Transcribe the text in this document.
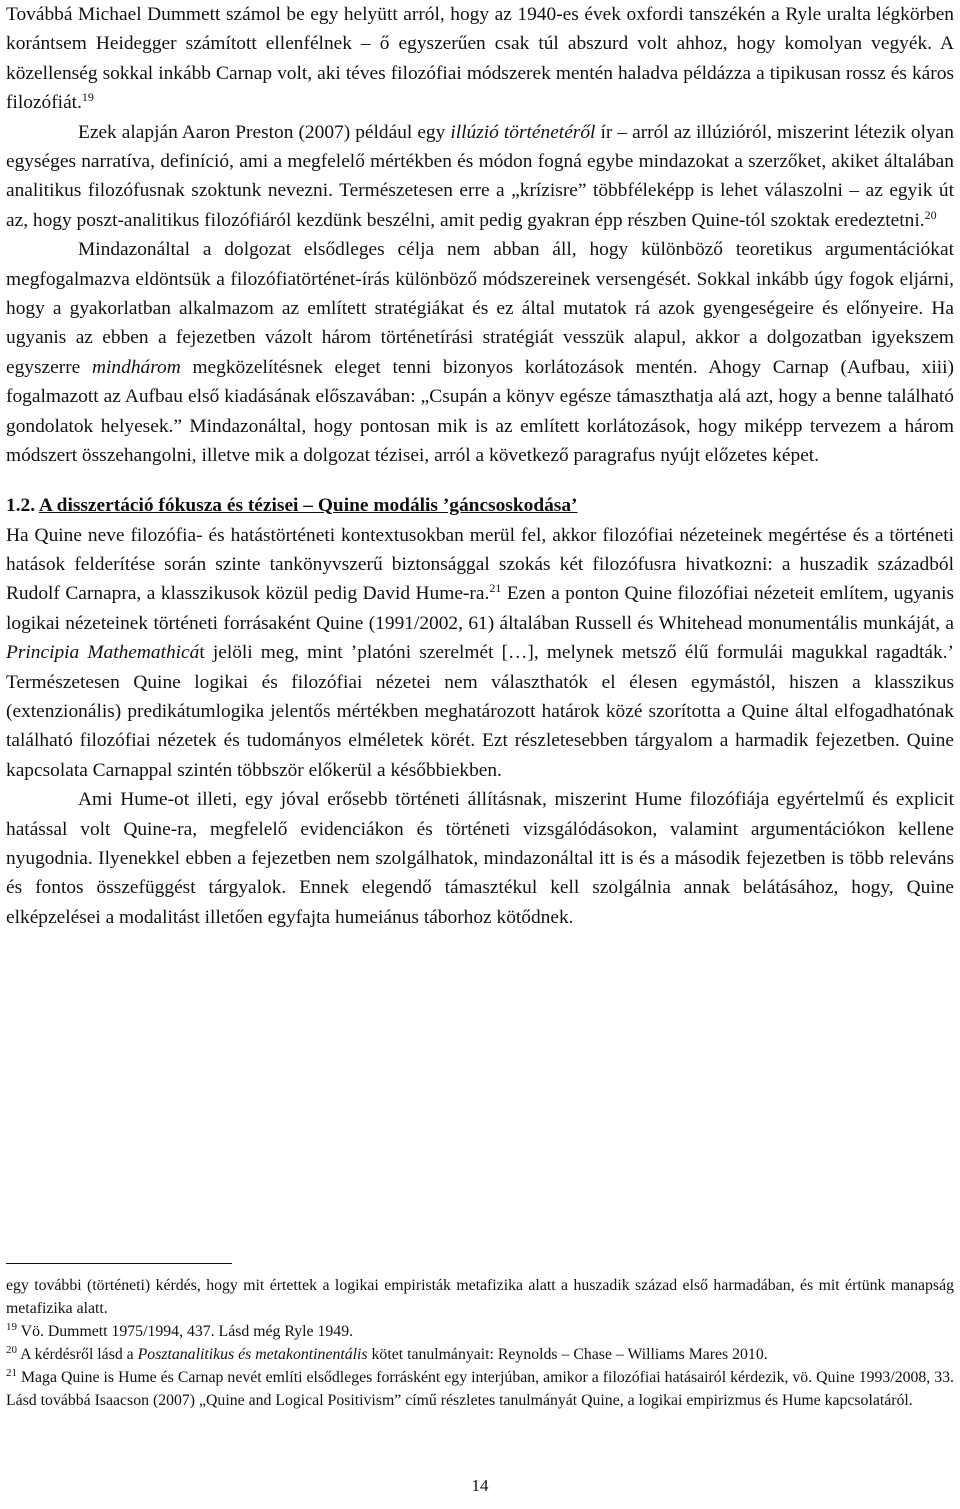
Továbbá Michael Dummett számol be egy helyütt arról, hogy az 1940-es évek oxfordi tanszékén a Ryle uralta légkörben korántsem Heidegger számított ellenfélnek – ő egyszerűen csak túl abszurd volt ahhoz, hogy komolyan vegyék. A közellenség sokkal inkább Carnap volt, aki téves filozófiai módszerek mentén haladva példázza a tipikusan rossz és káros filozófiát.$^{19}$

Ezek alapján Aaron Preston (2007) például egy illúzió történetéről ír – arról az illúzióról, miszerint létezik olyan egységes narratíva, definíció, ami a megfelelő mértékben és módon fogná egybe mindazokat a szerzőket, akiket általában analitikus filozófusnak szoktunk nevezni. Természetesen erre a „krízisre” többféleképp is lehet válaszolni – az egyik út az, hogy poszt-analitikus filozófiáról kezdünk beszélni, amit pedig gyakran épp részben Quine-tól szoktak eredeztetni.$^{20}$

Mindazonáltal a dolgozat elsődleges célja nem abban áll, hogy különböző teoretikus argumentációkat megfogalmazva eldöntsük a filozófiatörténet-írás különböző módszereinek versengését. Sokkal inkább úgy fogok eljárni, hogy a gyakorlatban alkalmazom az említett stratégiákat és ez által mutatok rá azok gyengeségeire és előnyeire. Ha ugyanis az ebben a fejezetben vázolt három történetírási stratégiát vesszük alapul, akkor a dolgozatban igyekszem egyszerre mindhárom megközelítésnek eleget tenni bizonyos korlátozások mentén. Ahogy Carnap (Aufbau, xiii) fogalmazott az Aufbau első kiadásának előszavában: „Csupán a könyv egésze támaszthatja alá azt, hogy a benne található gondolatok helyesek.” Mindazonáltal, hogy pontosan mik is az említett korlátozások, hogy miképp tervezem a három módszert összehangolni, illetve mik a dolgozat tézisei, arról a következő paragrafus nyújt előzetes képet.

1.2. A disszertáció fókusza és tézisei – Quine modális ’gáncsoskodása’

Ha Quine neve filozófia- és hatástörténeti kontextusokban merül fel, akkor filozófiai nézeteinek megértése és a történeti hatások felderítése során szinte tankönyvszerű biztonsággal szokás két filozófusra hivatkozni: a huszadik századból Rudolf Carnapra, a klasszikusok közül pedig David Hume-ra.$^{21}$ Ezen a ponton Quine filozófiai nézeteit említem, ugyanis logikai nézeteinek történeti forrásaként Quine (1991/2002, 61) általában Russell és Whitehead monumentális munkáját, a Principia Mathemathicát jelöli meg, mint ’platóni szerelmét […], melynek metsző élű formulái magukkal ragadták.’ Természetesen Quine logikai és filozófiai nézetei nem választhatók el élesen egymástól, hiszen a klasszikus (extenzionális) predikátumlogika jelentős mértékben meghatározott határok közé szorította a Quine által elfogadhatónak található filozófiai nézetek és tudományos elméletek körét. Ezt részletesebben tárgyalom a harmadik fejezetben. Quine kapcsolata Carnappal szintén többször előkerül a későbbiekben.

Ami Hume-ot illeti, egy jóval erősebb történeti állításnak, miszerint Hume filozófiája egyértelmű és explicit hatással volt Quine-ra, megfelelő evidenciákon és történeti vizsgálódásokon, valamint argumentációkon kellene nyugodnia. Ilyenekkel ebben a fejezetben nem szolgálhatok, mindazonáltal itt is és a második fejezetben is több releváns és fontos összefüggést tárgyalok. Ennek elegendő támasztékul kell szolgálnia annak belátásához, hogy, Quine elképzelései a modalitást illetően egyfajta humeiánus táborhoz kötődnek.

egy további (történeti) kérdés, hogy mit értettek a logikai empiristák metafizika alatt a huszadik század első harmadában, és mit értünk manapság metafizika alatt.

$^{19}$ Vö. Dummett 1975/1994, 437. Lásd még Ryle 1949.

$^{20}$ A kérdésről lásd a Posztanalitikus és metakontinentális kötet tanulmányait: Reynolds – Chase – Williams Mares 2010.

$^{21}$ Maga Quine is Hume és Carnap nevét említi elsődleges forrásként egy interjúban, amikor a filozófiai hatásairól kérdezik, vö. Quine 1993/2008, 33. Lásd továbbá Isaacson (2007) „Quine and Logical Positivism” című részletes tanulmányát Quine, a logikai empirizmus és Hume kapcsolatáról.

14
